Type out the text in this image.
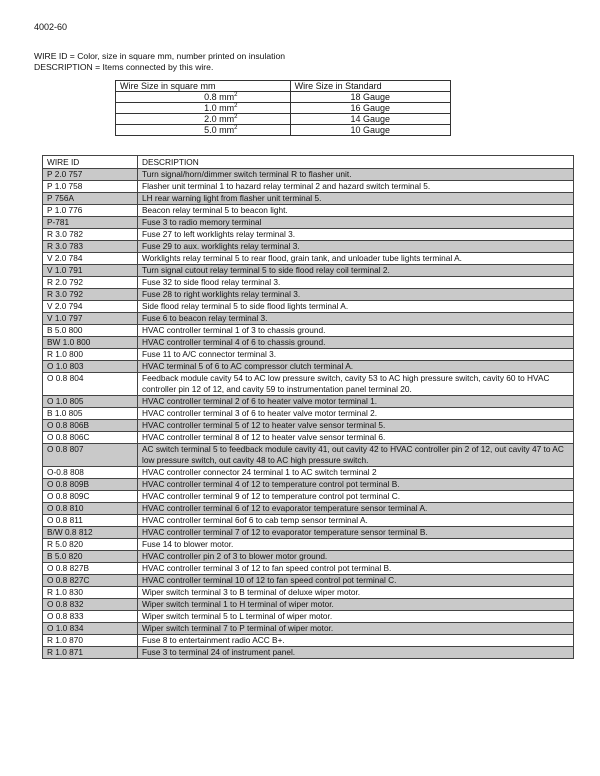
4002-60
WIRE ID = Color, size in square mm, number printed on insulation
DESCRIPTION = Items connected by this wire.
Wire Size in square mm	Wire Size in Standard
0.8 $mm^2$	18 Gauge
1.0 $mm^2$	16 Gauge
2.0 $mm^2$	14 Gauge
5.0 $mm^2$	10 Gauge
WIRE ID	DESCRIPTION
P 2.0 757	Turn signal/horn/dimmer switch terminal R to flasher unit.
P 1.0 758	Flasher unit terminal 1 to hazard relay terminal 2 and hazard switch terminal 5.
P 756A	LH rear warning light from flasher unit terminal 5.
P 1.0 776	Beacon relay terminal 5 to beacon light.
P-781	Fuse 3 to radio memory terminal
R 3.0 782	Fuse 27 to left worklights relay terminal 3.
R 3.0 783	Fuse 29 to aux. worklights relay terminal 3.
V 2.0 784	Worklights relay terminal 5 to rear flood, grain tank, and unloader tube lights terminal A.
V 1.0 791	Turn signal cutout relay terminal 5 to side flood relay coil terminal 2.
R 2.0 792	Fuse 32 to side flood relay terminal 3.
R 3.0 792	Fuse 28 to right worklights relay terminal 3.
V 2.0 794	Side flood relay terminal 5 to side flood lights terminal A.
V 1.0 797	Fuse 6 to beacon relay terminal 3.
B 5.0 800	HVAC controller terminal 1 of 3 to chassis ground.
BW 1.0 800	HVAC controller terminal 4 of 6 to chassis ground.
R 1.0 800	Fuse 11 to A/C connector terminal 3.
O 1.0 803	HVAC terminal 5 of 6 to AC compressor clutch terminal A.
O 0.8 804	Feedback module cavity 54 to AC low pressure switch, cavity 53 to AC high pressure switch, cavity 60 to HVAC controller pin 12 of 12, and cavity 59 to instrumentation panel terminal 20.
O 1.0 805	HVAC controller terminal 2 of 6 to heater valve motor terminal 1.
B 1.0 805	HVAC controller terminal 3 of 6 to heater valve motor terminal 2.
O 0.8 806B	HVAC controller terminal 5 of 12 to heater valve sensor terminal 5.
O 0.8 806C	HVAC controller terminal 8 of 12 to heater valve sensor terminal 6.
O 0.8 807	AC switch terminal 5 to feedback module cavity 41, out cavity 42 to HVAC controller pin 2 of 12, out cavity 47 to AC low pressure switch, out cavity 48 to AC high pressure switch.
O-0.8 808	HVAC controller connector 24 terminal 1 to AC switch terminal 2
O 0.8 809B	HVAC controller terminal 4 of 12 to temperature control pot terminal B.
O 0.8 809C	HVAC controller terminal 9 of 12 to temperature control pot terminal C.
O 0.8 810	HVAC controller terminal 6 of 12 to evaporator temperature sensor terminal A.
O 0.8 811	HVAC controller terminal 6of 6 to cab temp sensor terminal A.
B/W 0.8 812	HVAC controller terminal 7 of 12 to evaporator temperature sensor terminal B.
R 5.0 820	Fuse 14 to blower motor.
B 5.0 820	HVAC controller pin 2 of 3 to blower motor ground.
O 0.8 827B	HVAC controller terminal 3 of 12 to fan speed control pot terminal B.
O 0.8 827C	HVAC controller terminal 10 of 12 to fan speed control pot terminal C.
R 1.0 830	Wiper switch terminal 3 to B terminal of deluxe wiper motor.
O 0.8 832	Wiper switch terminal 1 to H terminal of wiper motor.
O 0.8 833	Wiper switch terminal 5 to L terminal of wiper motor.
O 1.0 834	Wiper switch terminal 7 to P terminal of wiper motor.
R 1.0 870	Fuse 8 to entertainment radio ACC B+.
R 1.0 871	Fuse 3 to terminal 24 of instrument panel.
